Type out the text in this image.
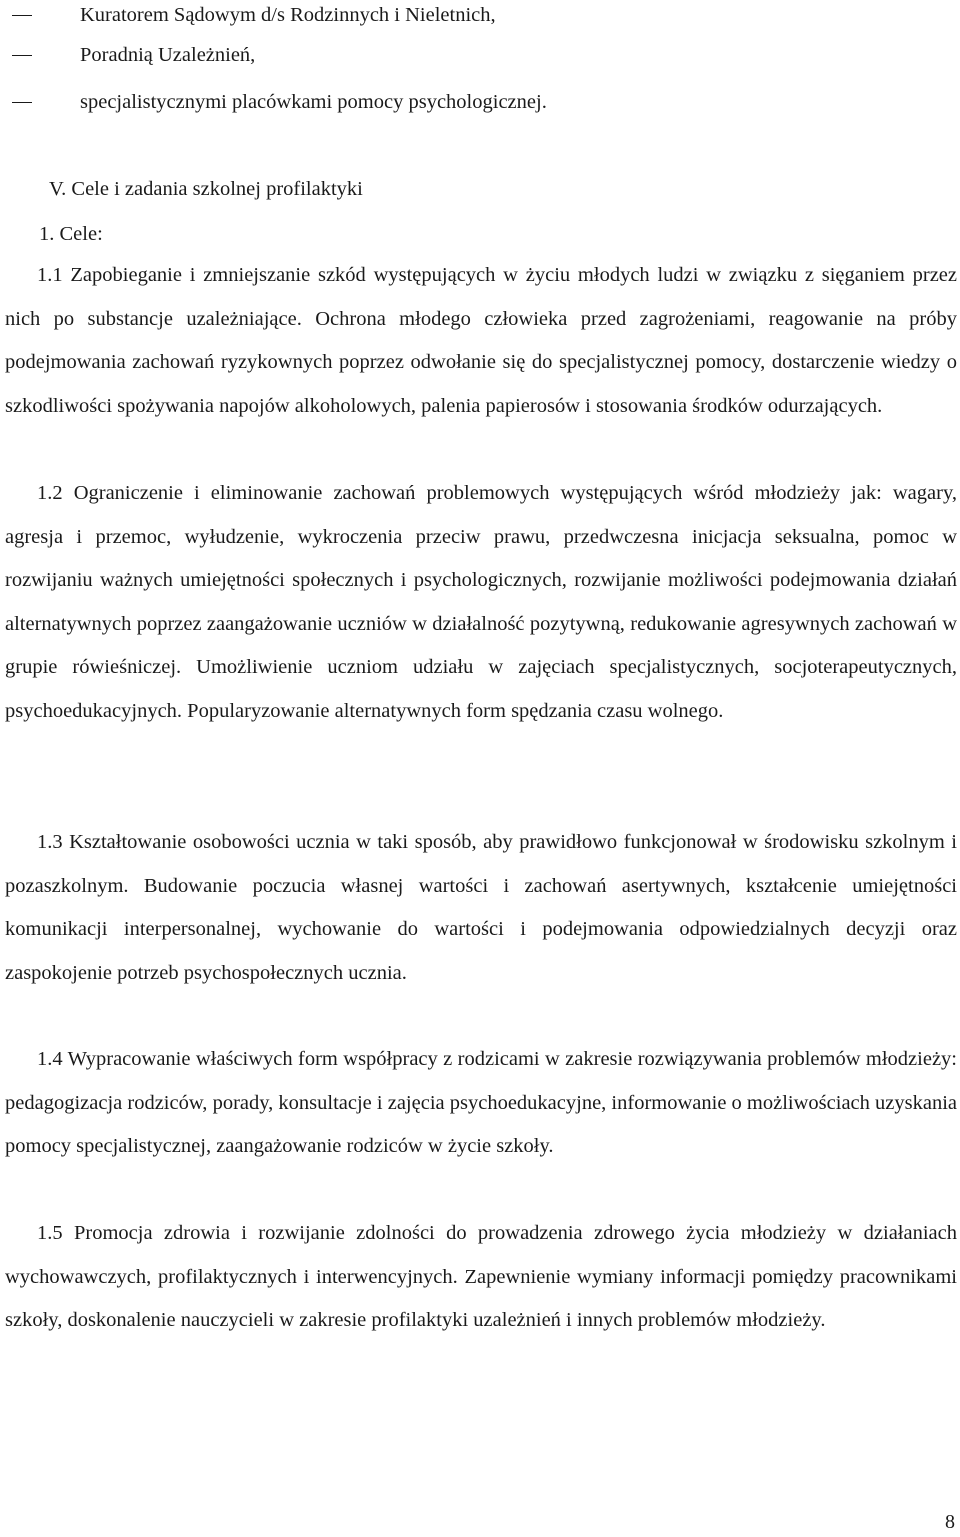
Kuratorem Sądowym d/s Rodzinnych i Nieletnich,
Poradnią Uzależnień,
specjalistycznymi placówkami pomocy psychologicznej.
V. Cele i zadania szkolnej profilaktyki
1. Cele:
1.1 Zapobieganie i zmniejszanie szkód występujących w życiu młodych ludzi w związku z sięganiem przez nich po substancje uzależniające. Ochrona młodego człowieka przed zagrożeniami, reagowanie na próby podejmowania zachowań ryzykownych poprzez odwołanie się do specjalistycznej pomocy, dostarczenie wiedzy o szkodliwości spożywania napojów alkoholowych, palenia papierosów i stosowania środków odurzających.
1.2 Ograniczenie i eliminowanie zachowań problemowych występujących wśród młodzieży jak: wagary, agresja i przemoc, wyłudzenie, wykroczenia przeciw prawu, przedwczesna inicjacja seksualna, pomoc w rozwijaniu ważnych umiejętności społecznych i psychologicznych, rozwijanie możliwości podejmowania działań alternatywnych poprzez zaangażowanie uczniów w działalność pozytywną, redukowanie agresywnych zachowań w grupie rówieśniczej. Umożliwienie uczniom udziału w zajęciach specjalistycznych, socjoterapeutycznych, psychoedukacyjnych. Popularyzowanie alternatywnych form spędzania czasu wolnego.
1.3 Kształtowanie osobowości ucznia w taki sposób, aby prawidłowo funkcjonował w środowisku szkolnym i pozaszkolnym. Budowanie poczucia własnej wartości i zachowań asertywnych, kształcenie umiejętności komunikacji interpersonalnej, wychowanie do wartości i podejmowania odpowiedzialnych decyzji oraz zaspokojenie potrzeb psychospołecznych ucznia.
1.4 Wypracowanie właściwych form współpracy z rodzicami w zakresie rozwiązywania problemów młodzieży: pedagogizacja rodziców, porady, konsultacje i zajęcia psychoedukacyjne, informowanie o możliwościach uzyskania pomocy specjalistycznej, zaangażowanie rodziców w życie szkoły.
1.5 Promocja zdrowia i rozwijanie zdolności do prowadzenia zdrowego życia młodzieży w działaniach wychowawczych, profilaktycznych i interwencyjnych. Zapewnienie wymiany informacji pomiędzy pracownikami szkoły, doskonalenie nauczycieli w zakresie profilaktyki uzależnień i innych problemów młodzieży.
8
